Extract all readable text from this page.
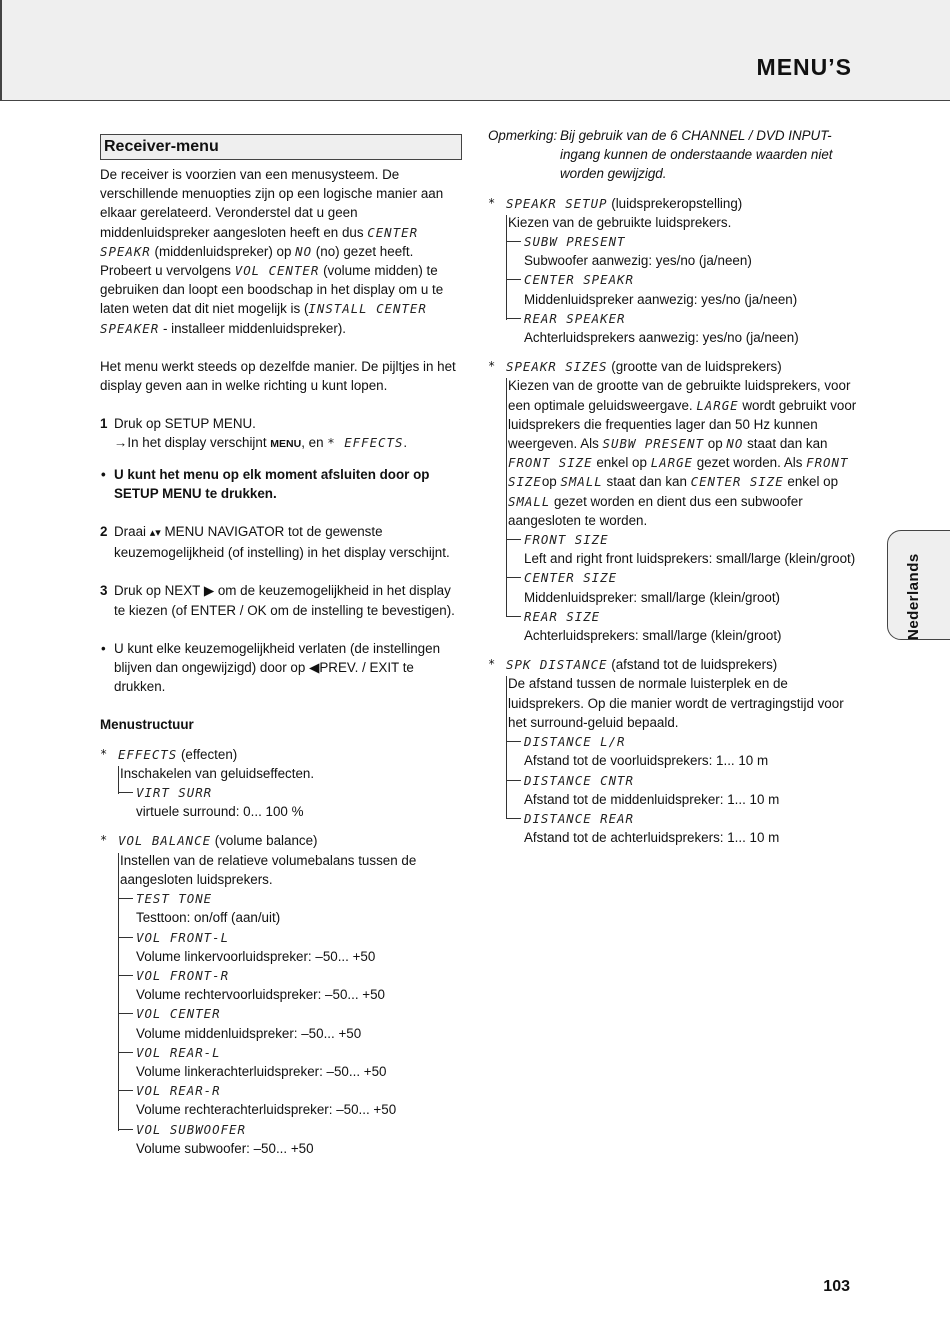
MENU’S
Receiver-menu

De receiver is voorzien van een menusysteem. De verschillende menuopties zijn op een logische manier aan elkaar gerelateerd. Veronderstel dat u geen middenluidspreker aangesloten heeft en dus CENTER SPEAKR (middenluidspreker) op NO (no) gezet heeft. Probeert u vervolgens VOL CENTER (volume midden) te gebruiken dan loopt een boodschap in het display om u te laten weten dat dit niet mogelijk is (INSTALL CENTER SPEAKER - installeer middenluidspreker).

Het menu werkt steeds op dezelfde manier. De pijltjes in het display geven aan in welke richting u kunt lopen.

1 Druk op SETUP MENU.
→In het display verschijnt MENU, en * EFFECTS.
• U kunt het menu op elk moment afsluiten door op SETUP MENU te drukken.
2 Draai ▴▾ MENU NAVIGATOR tot de gewenste keuzemogelijkheid (of instelling) in het display verschijnt.
3 Druk op NEXT ▶ om de keuzemogelijkheid in het display te kiezen (of ENTER / OK om de instelling te bevestigen).
• U kunt elke keuzemogelijkheid verlaten (de instellingen blijven dan ongewijzigd) door op ◀PREV. / EXIT te drukken.

Menustructuur

* EFFECTS (effecten)
Inschakelen van geluidseffecten.
VIRT SURR
virtuele surround: 0... 100 %
* VOL BALANCE (volume balance)
Instellen van de relatieve volumebalans tussen de aangesloten luidsprekers.
TEST TONE
Testtoon: on/off (aan/uit)
VOL FRONT-L
Volume linkervoorluidspreker: –50... +50
VOL FRONT-R
Volume rechtervoorluidspreker: –50... +50
VOL CENTER
Volume middenluidspreker: –50... +50
VOL REAR-L
Volume linkerachterluidspreker: –50... +50
VOL REAR-R
Volume rechterachterluidspreker: –50... +50
VOL SUBWOOFER
Volume subwoofer: –50... +50
Opmerking: Bij gebruik van de 6 CHANNEL / DVD INPUT-ingang kunnen de onderstaande waarden niet worden gewijzigd.
* SPEAKR SETUP (luidsprekeropstelling)
Kiezen van de gebruikte luidsprekers.
SUBW PRESENT
Subwoofer aanwezig: yes/no (ja/neen)
CENTER SPEAKR
Middenluidspreker aanwezig: yes/no (ja/neen)
REAR SPEAKER
Achterluidsprekers aanwezig: yes/no (ja/neen)
* SPEAKR SIZES (grootte van de luidsprekers)
Kiezen van de grootte van de gebruikte luidsprekers, voor een optimale geluidsweergave. LARGE wordt gebruikt voor luidsprekers die frequenties lager dan 50 Hz kunnen weergeven. Als SUBW PRESENT op NO staat dan kan FRONT SIZE enkel op LARGE gezet worden. Als FRONT SIZEop SMALL staat dan kan CENTER SIZE enkel op SMALL gezet worden en dient dus een subwoofer aangesloten te worden.
FRONT SIZE
Left and right front luidsprekers: small/large (klein/groot)
CENTER SIZE
Middenluidspreker: small/large (klein/groot)
REAR SIZE
Achterluidsprekers: small/large (klein/groot)
* SPK DISTANCE (afstand tot de luidsprekers)
De afstand tussen de normale luisterplek en de luidsprekers. Op die manier wordt de vertragingstijd voor het surround-geluid bepaald.
DISTANCE L/R
Afstand tot de voorluidsprekers: 1... 10 m
DISTANCE CNTR
Afstand tot de middenluidspreker: 1... 10 m
DISTANCE REAR
Afstand tot de achterluidsprekers: 1... 10 m
Nederlands
103
